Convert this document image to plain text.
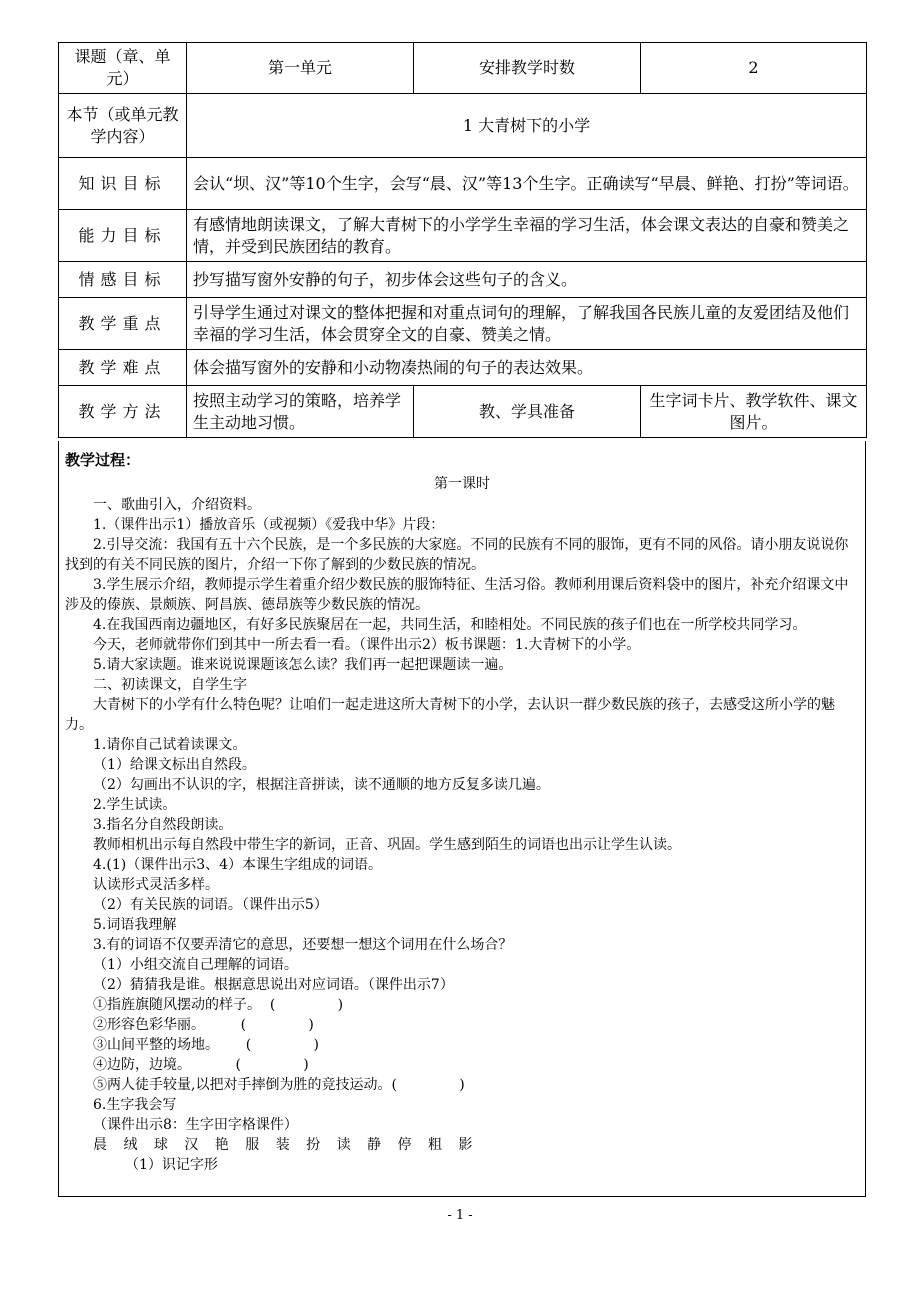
课题（章、单元）	第一单元	安排教学时数	2
本节（或单元教学内容）	1 大青树下的小学		
知识目标	会认“坝、汉”等10个生字，会写“晨、汉”等13个生字。正确读写“早晨、鲜艳、打扮”等词语。		
能力目标	有感情地朗读课文，了解大青树下的小学学生幸福的学习生活，体会课文表达的自豪和赞美之情，并受到民族团结的教育。		
情感目标	抄写描写窗外安静的句子，初步体会这些句子的含义。		
教学重点	引导学生通过对课文的整体把握和对重点词句的理解，了解我国各民族儿童的友爱团结及他们幸福的学习生活，体会贯穿全文的自豪、赞美之情。		
教学难点	体会描写窗外的安静和小动物凑热闹的句子的表达效果。		
教学方法	按照主动学习的策略，培养学生主动地习惯。	教、学具准备	生字词卡片、教学软件、课文图片。
教学过程：
第一课时

一、歌曲引入，介绍资料。

1.（课件出示1）播放音乐（或视频）《爱我中华》片段：

2.引导交流：我国有五十六个民族，是一个多民族的大家庭。不同的民族有不同的服饰，更有不同的风俗。请小朋友说说你找到的有关不同民族的图片，介绍一下你了解到的少数民族的情况。

3.学生展示介绍，教师提示学生着重介绍少数民族的服饰特征、生活习俗。教师利用课后资料袋中的图片，补充介绍课文中涉及的傣族、景颇族、阿昌族、德昂族等少数民族的情况。

4.在我国西南边疆地区，有好多民族聚居在一起，共同生活，和睦相处。不同民族的孩子们也在一所学校共同学习。

今天，老师就带你们到其中一所去看一看。（课件出示2）板书课题：1.大青树下的小学。

5.请大家读题。谁来说说课题该怎么读？我们再一起把课题读一遍。

二、初读课文，自学生字

大青树下的小学有什么特色呢？让咱们一起走进这所大青树下的小学，去认识一群少数民族的孩子，去感受这所小学的魅力。

1.请你自己试着读课文。

（1）给课文标出自然段。

（2）勾画出不认识的字，根据注音拼读，读不通顺的地方反复多读几遍。

2.学生试读。

3.指名分自然段朗读。

教师相机出示每自然段中带生字的新词，正音、巩固。学生感到陌生的词语也出示让学生认读。

4.(1)（课件出示3、4）本课生字组成的词语。

认读形式灵活多样。

（2）有关民族的词语。（课件出示5）

5.词语我理解

3.有的词语不仅要弄清它的意思，还要想一想这个词用在什么场合？

（1）小组交流自己理解的词语。

（2）猜猜我是谁。根据意思说出对应词语。（课件出示7）

①指旌旗随风摆动的样子。  (              )

②形容色彩华丽。        (              )

③山间平整的场地。      (              )

④边防，边境。          (              )

⑤两人徒手较量,以把对手摔倒为胜的竞技运动。(              )

6.生字我会写

（课件出示8：生字田字格课件）

晨 绒 球 汉 艳 服 装 扮 读 静 停 粗 影

（1）识记字形

- 1 -
